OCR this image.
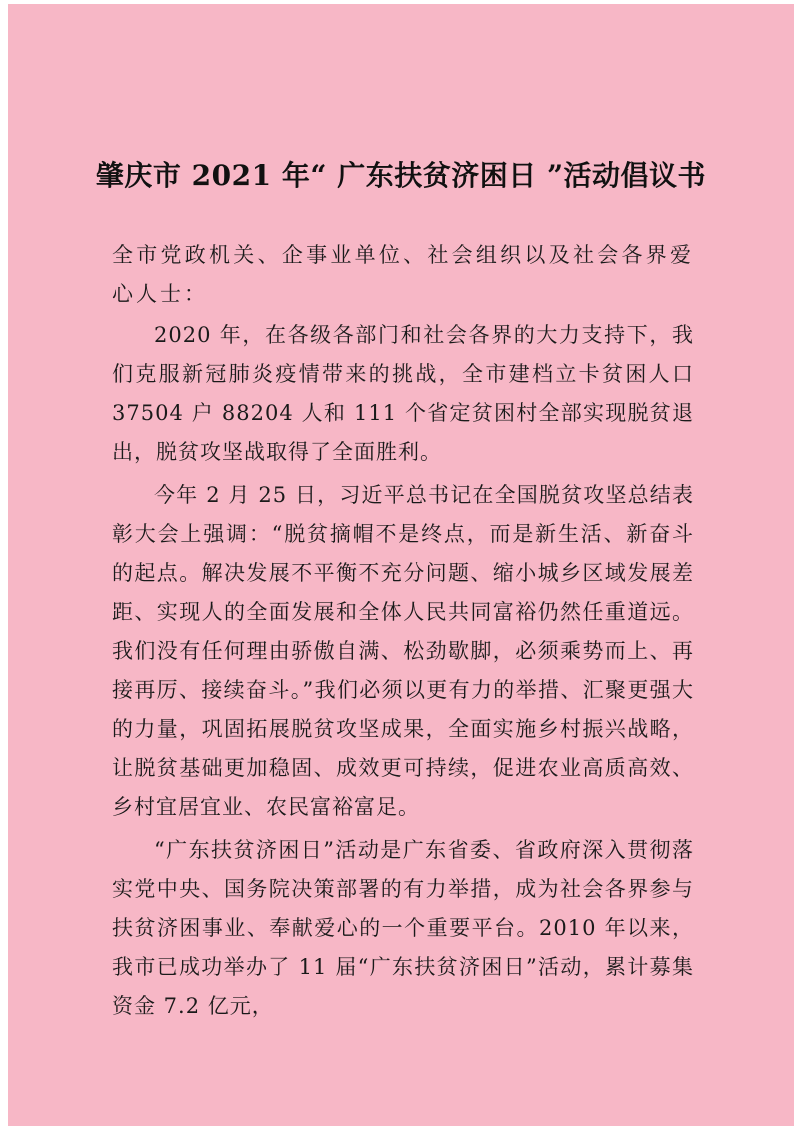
肇庆市 2021 年“ 广东扶贫济困日 ”活动倡议书

全市党政机关、企事业单位、社会组织以及社会各界爱心人士：

2020 年，在各级各部门和社会各界的大力支持下，我们克服新冠肺炎疫情带来的挑战，全市建档立卡贫困人口 37504 户 88204 人和 111 个省定贫困村全部实现脱贫退出，脱贫攻坚战取得了全面胜利。

今年 2 月 25 日，习近平总书记在全国脱贫攻坚总结表彰大会上强调：“脱贫摘帽不是终点，而是新生活、新奋斗的起点。解决发展不平衡不充分问题、缩小城乡区域发展差距、实现人的全面发展和全体人民共同富裕仍然任重道远。我们没有任何理由骄傲自满、松劲歇脚，必须乘势而上、再接再厉、接续奋斗。”我们必须以更有力的举措、汇聚更强大的力量，巩固拓展脱贫攻坚成果，全面实施乡村振兴战略，让脱贫基础更加稳固、成效更可持续，促进农业高质高效、乡村宜居宜业、农民富裕富足。

“广东扶贫济困日”活动是广东省委、省政府深入贯彻落实党中央、国务院决策部署的有力举措，成为社会各界参与扶贫济困事业、奉献爱心的一个重要平台。2010 年以来，我市已成功举办了 11 届“广东扶贫济困日”活动，累计募集资金 7.2 亿元，
